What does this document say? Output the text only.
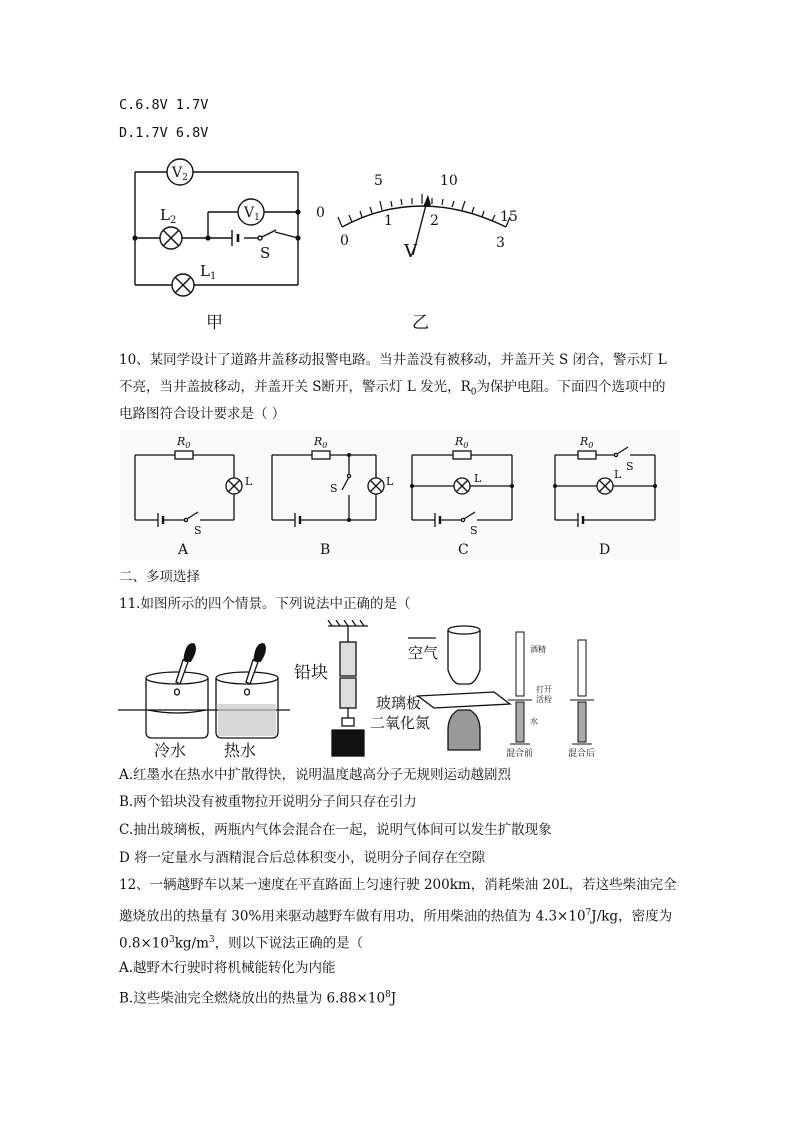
C.6.8V 1.7V
D.1.7V 6.8V
$V_2$
$V_1$
$L_2$
$L_1$
S
甲
0
5	10
15
0
1	2
3
V
乙
10、某同学设计了道路井盖移动报警电路。当井盖没有被移动，并盖开关 S 闭合，警示灯 L
不亮，当井盖披移动，并盖开关 S断开，警示灯 L 发光，$R_0$为保护电阻。下面四个选项中的
电路图符合设计要求是（ ）
$R_0$
L
S
A
$R_0$
L
S
B
$R_0$
L
S
C
$R_0$
L
S
D
二、多项选择
11.如图所示的四个情景。下列说法中正确的是（
冷水 热水
铅块
空气
玻璃板
二氧化氮
酒精
打开
活栓
水
混合前	混合后
A.红墨水在热水中扩散得快，说明温度越高分子无规则运动越剧烈
B.两个铅块没有被重物拉开说明分子间只存在引力
C.抽出玻璃板，两瓶内气体会混合在一起，说明气体间可以发生扩散现象
D 将一定量水与酒精混合后总体积变小，说明分子间存在空隙
12、一辆越野车以某一速度在平直路面上匀速行驶 200km，消耗柴油 20L，若这些柴油完全
邀烧放出的热量有 30%用来驱动越野车做有用功，所用柴油的热值为 $4.3\times 10^7J/kg$，密度为
$0.8\times 10^3kg/m^3$，则以下说法正确的是（
A.越野木行驶时将机械能转化为内能
B.这些柴油完全燃烧放出的热量为 $6.88\times 10^8J$
